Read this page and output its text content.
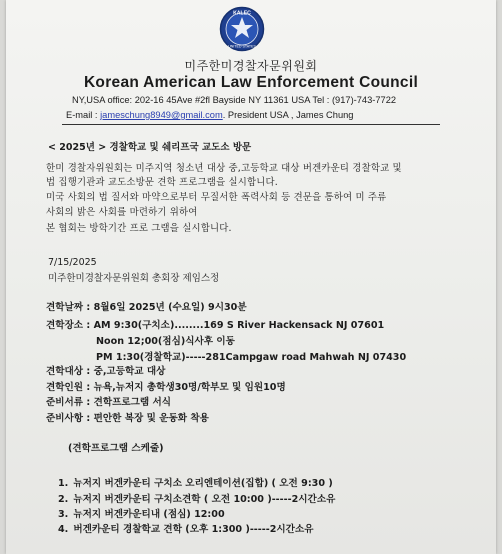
KALEC
UNITED STATES
미주한미경찰자문위원회
Korean American Law Enforcement Council
NY,USA office: 202-16 45Ave #2fl Bayside NY 11361 USA Tel : (917)-743-7722
E-mail : jameschung8949@gmail.com. President USA , James Chung
< 2025년 > 경찰학교 및 쉐리프국 교도소 방문
한미 경찰자위원회는 미주지역 청소년 대상 중,고등학교 대상 버겐카운티 경찰학교 및
법 집행기관과 교도소방문 견학 프로그램을 실시합니다.
미국 사회의 법 질서와 마약으로부터 무질서한 폭력사회 등 견문을 통하여 미 주류
사회의 밝은 사회를 마련하기 위하여
본 협회는 방학기간 프로 그램을 실시합니다.
7/15/2025
미주한미경찰자문위원회 총회장 제임스정
견학날짜 : 8월6일 2025년 (수요일) 9시30분
견학장소 : AM 9:30(구치소)........169 S River Hackensack NJ 07601
Noon 12;00(점심)식사후 이동
PM 1:30(경찰학교)-----281Campgaw road Mahwah NJ 07430
견학대상 : 중,고등학교 대상
견학인원 : 뉴욕,뉴저지 총학생30명/학부모 및 임원10명
준비서류 : 견학프로그램 서식
준비사항 : 편안한 복장 및 운동화 착용
(견학프로그램 스케줄)
1. 뉴저지 버겐카운티 구치소 오리엔테이션(집합) ( 오전 9:30 )
2. 뉴저지 버겐카운티 구치소견학 ( 오전 10:00 )-----2시간소유
3. 뉴저지 버겐카운티내 (점심) 12:00
4. 버겐카운티 경찰학교 견학 (오후 1:300 )-----2시간소유
